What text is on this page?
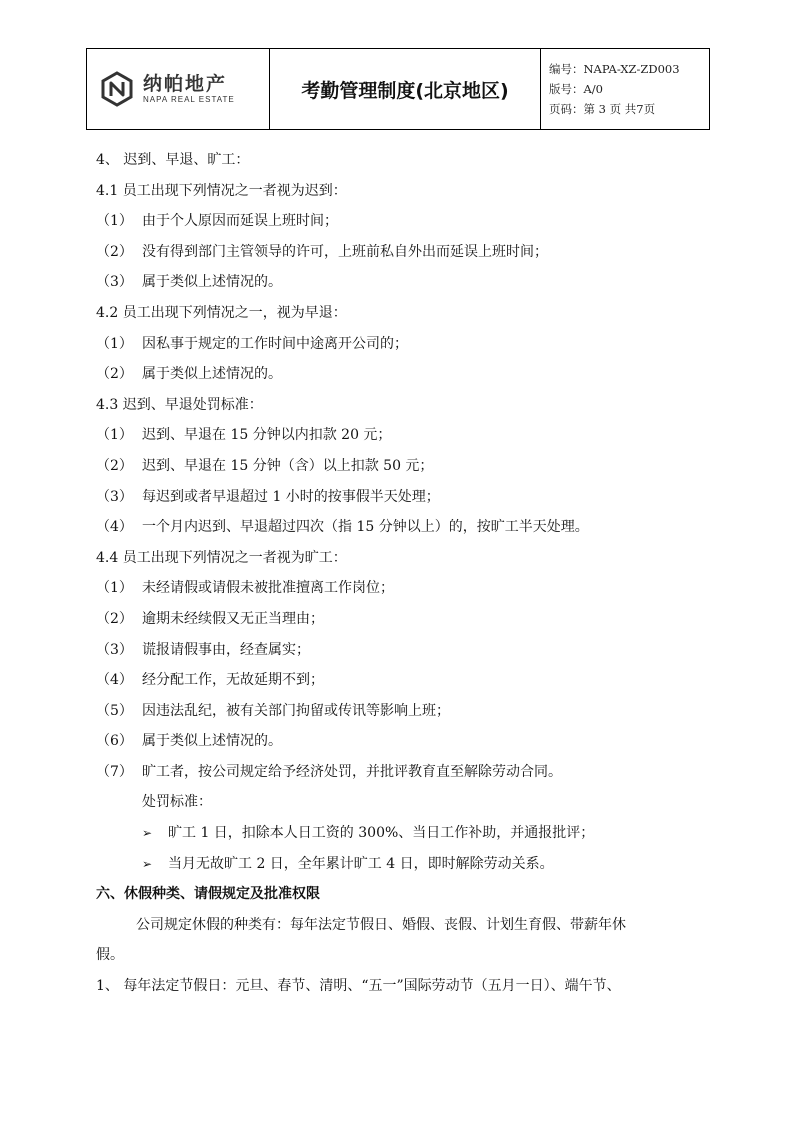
纳帕地产
NAPA REAL ESTATE	考勤管理制度(北京地区)
编号：NAPA-XZ-ZD003
版号：A/0
页码：第 3 页 共7页
4、 迟到、早退、旷工：
4.1 员工出现下列情况之一者视为迟到：
（1） 由于个人原因而延误上班时间；
（2） 没有得到部门主管领导的许可，上班前私自外出而延误上班时间；
（3） 属于类似上述情况的。
4.2 员工出现下列情况之一，视为早退：
（1） 因私事于规定的工作时间中途离开公司的；
（2） 属于类似上述情况的。
4.3 迟到、早退处罚标准：
（1） 迟到、早退在 15 分钟以内扣款 20 元；
（2） 迟到、早退在 15 分钟（含）以上扣款 50 元；
（3） 每迟到或者早退超过 1 小时的按事假半天处理；
（4） 一个月内迟到、早退超过四次（指 15 分钟以上）的，按旷工半天处理。
4.4 员工出现下列情况之一者视为旷工：
（1） 未经请假或请假未被批准擅离工作岗位；
（2） 逾期未经续假又无正当理由；
（3） 谎报请假事由，经查属实；
（4） 经分配工作，无故延期不到；
（5） 因违法乱纪，被有关部门拘留或传讯等影响上班；
（6） 属于类似上述情况的。
（7） 旷工者，按公司规定给予经济处罚，并批评教育直至解除劳动合同。
处罚标准：
➢ 旷工 1 日，扣除本人日工资的 300%、当日工作补助，并通报批评；
➢ 当月无故旷工 2 日，全年累计旷工 4 日，即时解除劳动关系。
六、休假种类、请假规定及批准权限
公司规定休假的种类有：每年法定节假日、婚假、丧假、计划生育假、带薪年休
假。
1、 每年法定节假日：元旦、春节、清明、“五一”国际劳动节（五月一日）、端午节、
